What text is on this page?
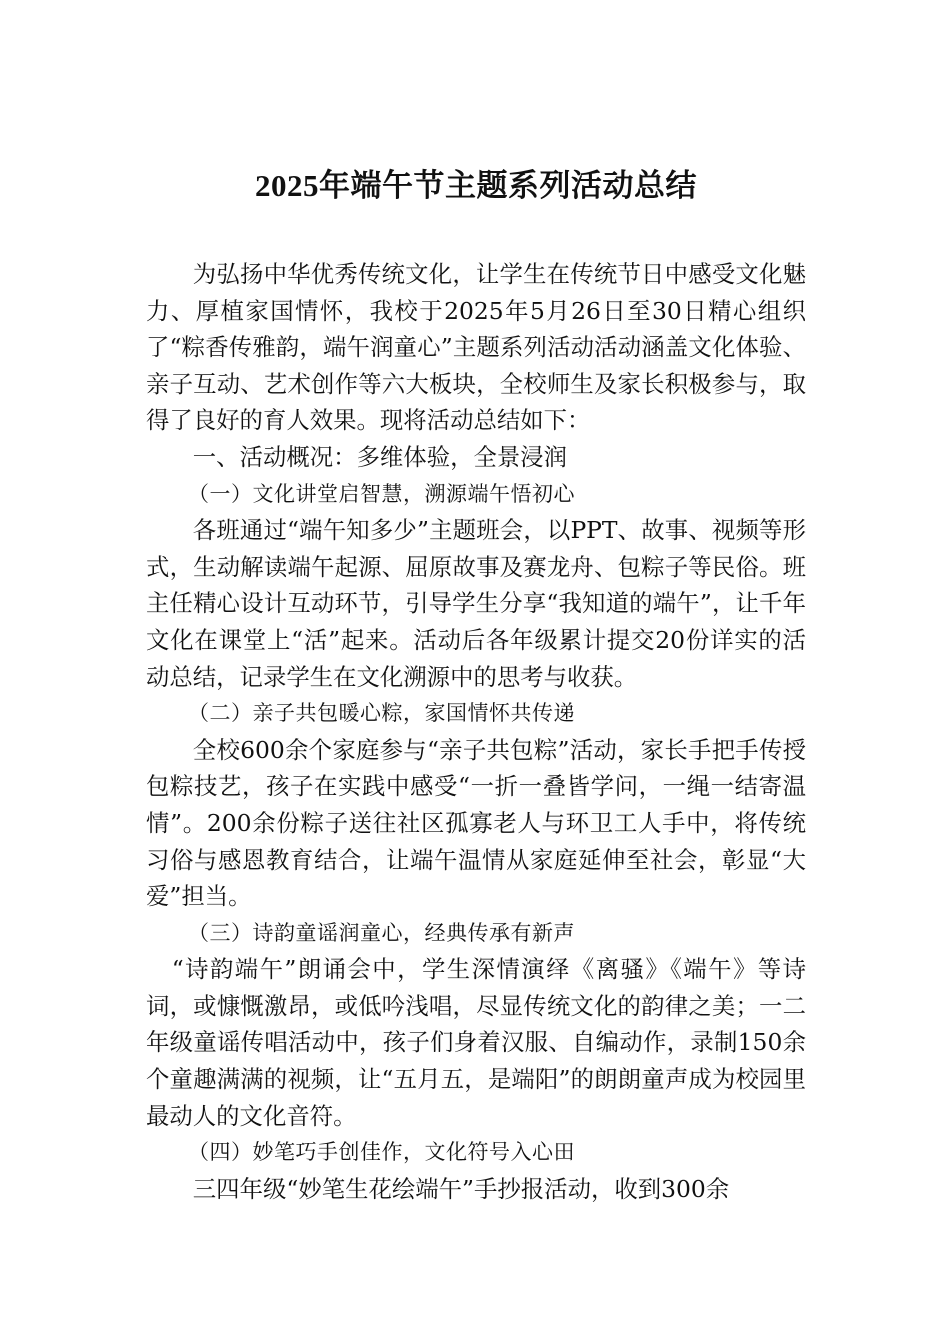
2025年端午节主题系列活动总结

为弘扬中华优秀传统文化，让学生在传统节日中感受文化魅力、厚植家国情怀，我校于2025年5月26日至30日精心组织了“粽香传雅韵，端午润童心”主题系列活动活动涵盖文化体验、亲子互动、艺术创作等六大板块，全校师生及家长积极参与，取得了良好的育人效果。现将活动总结如下：

一、活动概况：多维体验，全景浸润
（一）文化讲堂启智慧，溯源端午悟初心

各班通过“端午知多少”主题班会，以PPT、故事、视频等形式，生动解读端午起源、屈原故事及赛龙舟、包粽子等民俗。班主任精心设计互动环节，引导学生分享“我知道的端午”，让千年文化在课堂上“活”起来。活动后各年级累计提交20份详实的活动总结，记录学生在文化溯源中的思考与收获。

（二）亲子共包暖心粽，家国情怀共传递

全校600余个家庭参与“亲子共包粽”活动，家长手把手传授包粽技艺，孩子在实践中感受“一折一叠皆学问，一绳一结寄温情”。200余份粽子送往社区孤寡老人与环卫工人手中，将传统习俗与感恩教育结合，让端午温情从家庭延伸至社会，彰显“大爱”担当。

（三）诗韵童谣润童心，经典传承有新声

“诗韵端午”朗诵会中，学生深情演绎《离骚》《端午》等诗词，或慷慨激昂，或低吟浅唱，尽显传统文化的韵律之美；一二年级童谣传唱活动中，孩子们身着汉服、自编动作，录制150余个童趣满满的视频，让“五月五，是端阳”的朗朗童声成为校园里最动人的文化音符。

（四）妙笔巧手创佳作，文化符号入心田

三四年级“妙笔生花绘端午”手抄报活动，收到300余
